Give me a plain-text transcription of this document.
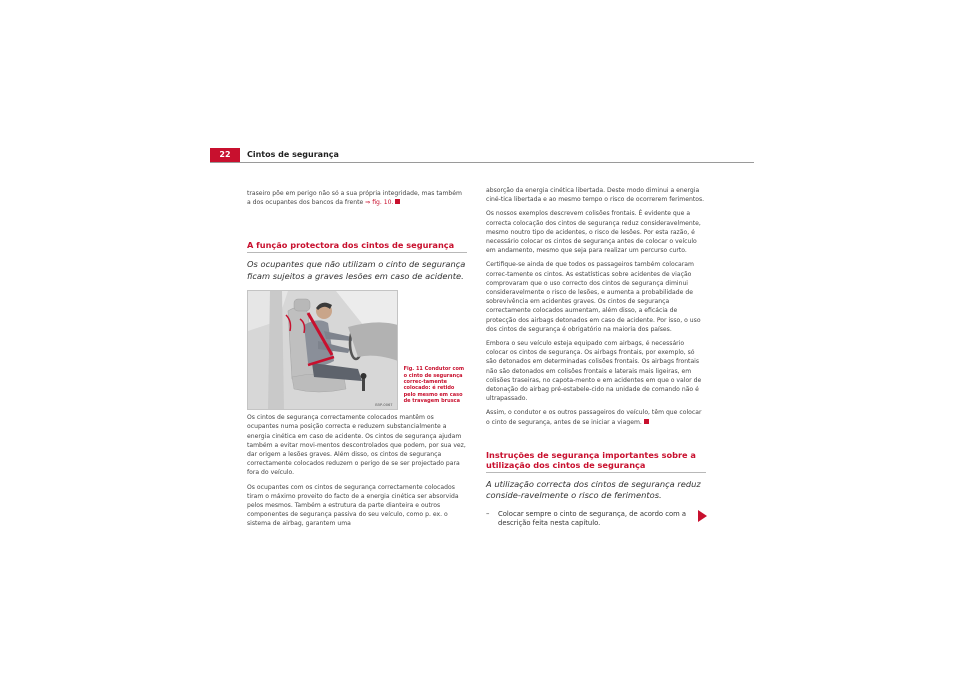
22	Cintos de segurança

traseiro põe em perigo não só a sua própria integridade, mas também a dos ocupantes dos bancos da frente ⇒ fig. 10.

A função protectora dos cintos de segurança
Os ocupantes que não utilizam o cinto de segurança ficam sujeitos a graves lesões em caso de acidente.
B5P-0067
Fig. 11 Condutor com o cinto de segurança correc-tamente colocado: é retido pelo mesmo em caso de travagem brusca

Os cintos de segurança correctamente colocados mantêm os ocupantes numa posição correcta e reduzem substancialmente a energia cinética em caso de acidente. Os cintos de segurança ajudam também a evitar movi-mentos descontrolados que podem, por sua vez, dar origem a lesões graves. Além disso, os cintos de segurança correctamente colocados reduzem o perigo de se ser projectado para fora do veículo.

Os ocupantes com os cintos de segurança correctamente colocados tiram o máximo proveito do facto de a energia cinética ser absorvida pelos mesmos. Também a estrutura da parte dianteira e outros componentes de segurança passiva do seu veículo, como p. ex. o sistema de airbag, garantem uma

absorção da energia cinética libertada. Deste modo diminui a energia ciné-tica libertada e ao mesmo tempo o risco de ocorrerem ferimentos.

Os nossos exemplos descrevem colisões frontais. É evidente que a correcta colocação dos cintos de segurança reduz consideravelmente, mesmo noutro tipo de acidentes, o risco de lesões. Por esta razão, é necessário colocar os cintos de segurança antes de colocar o veículo em andamento, mesmo que seja para realizar um percurso curto.

Certifique-se ainda de que todos os passageiros também colocaram correc-tamente os cintos. As estatísticas sobre acidentes de viação comprovaram que o uso correcto dos cintos de segurança diminui consideravelmente o risco de lesões, e aumenta a probabilidade de sobrevivência em acidentes graves. Os cintos de segurança correctamente colocados aumentam, além disso, a eficácia de protecção dos airbags detonados em caso de acidente. Por isso, o uso dos cintos de segurança é obrigatório na maioria dos países.

Embora o seu veículo esteja equipado com airbags, é necessário colocar os cintos de segurança. Os airbags frontais, por exemplo, só são detonados em determinadas colisões frontais. Os airbags frontais não são detonados em colisões frontais e laterais mais ligeiras, em colisões traseiras, no capota-mento e em acidentes em que o valor de detonação do airbag pré-estabele-cido na unidade de comando não é ultrapassado.

Assim, o condutor e os outros passageiros do veículo, têm que colocar o cinto de segurança, antes de se iniciar a viagem.

Instruções de segurança importantes sobre a utilização dos cintos de segurança
A utilização correcta dos cintos de segurança reduz conside-ravelmente o risco de ferimentos.
–	Colocar sempre o cinto de segurança, de acordo com a descrição feita nesta capítulo.
